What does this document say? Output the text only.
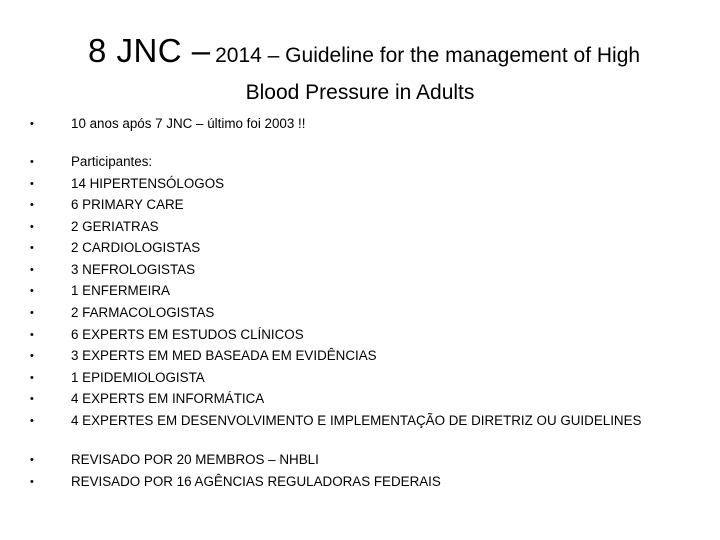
8 JNC – 2014 – Guideline for the management of High
Blood Pressure in Adults
•	10 anos após 7 JNC – último foi 2003 !!
•	Participantes:
•	14 HIPERTENSÓLOGOS
•	6 PRIMARY CARE
•	2 GERIATRAS
•	2 CARDIOLOGISTAS
•	3 NEFROLOGISTAS
•	1 ENFERMEIRA
•	2 FARMACOLOGISTAS
•	6 EXPERTS EM ESTUDOS CLÍNICOS
•	3 EXPERTS EM MED BASEADA EM EVIDÊNCIAS
•	1 EPIDEMIOLOGISTA
•	4 EXPERTS EM INFORMÁTICA
•	4 EXPERTES EM DESENVOLVIMENTO E IMPLEMENTAÇÃO DE DIRETRIZ OU GUIDELINES
•	REVISADO POR 20 MEMBROS – NHBLI
•	REVISADO POR 16 AGÊNCIAS REGULADORAS FEDERAIS
